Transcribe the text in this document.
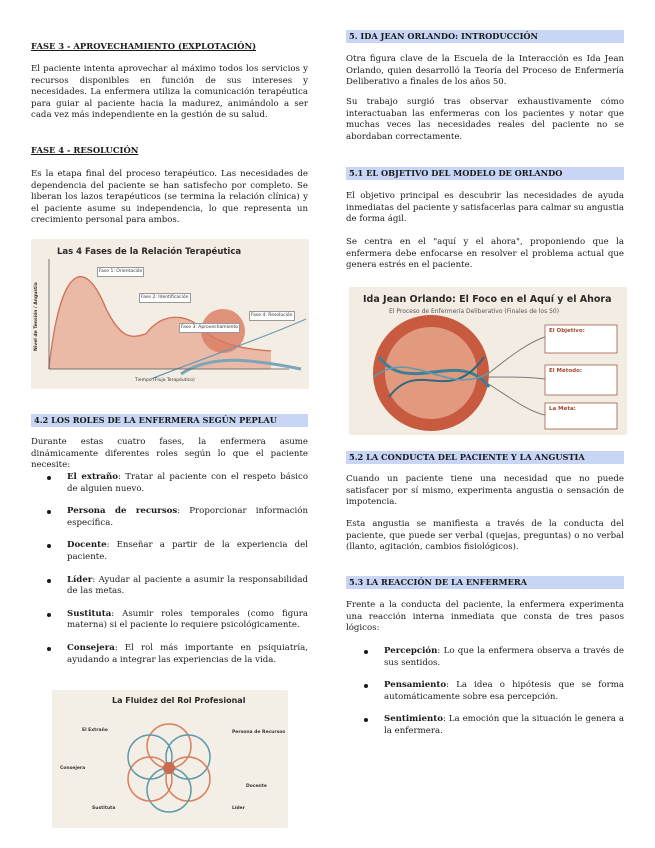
FASE 3 - APROVECHAMIENTO (EXPLOTACIÓN)

El paciente intenta aprovechar al máximo todos los servicios y recursos disponibles en función de sus intereses y necesidades. La enfermera utiliza la comunicación terapéutica para guiar al paciente hacia la madurez, animándolo a ser cada vez más independiente en la gestión de su salud.

FASE 4 - RESOLUCIÓN

Es la etapa final del proceso terapéutico. Las necesidades de dependencia del paciente se han satisfecho por completo. Se liberan los lazos terapéuticos (se termina la relación clínica) y el paciente asume su independencia, lo que representa un crecimiento personal para ambos.

Las 4 Fases de la Relación Terapéutica
Nivel de Tensión / Angustia
Tiempo (Flujo Terapéutico)
Fase 1: Orientación
Fase 2: Identificación
Fase 3: Aprovechamiento
Fase 4: Resolución
4.2 LOS ROLES DE LA ENFERMERA SEGÚN PEPLAU

Durante estas cuatro fases, la enfermera asume dinámicamente diferentes roles según lo que el paciente necesite:

El extraño: Tratar al paciente con el respeto básico de alguien nuevo.
Persona de recursos: Proporcionar información específica.
Docente: Enseñar a partir de la experiencia del paciente.
Líder: Ayudar al paciente a asumir la responsabilidad de las metas.
Sustituta: Asumir roles temporales (como figura materna) si el paciente lo requiere psicológicamente.
Consejera: El rol más importante en psiquiatría, ayudando a integrar las experiencias de la vida.
La Fluidez del Rol Profesional
El Extraño	Persona de Recursos
Consejera
Docente
Sustituta	Líder
5. IDA JEAN ORLANDO: INTRODUCCIÓN

Otra figura clave de la Escuela de la Interacción es Ida Jean Orlando, quien desarrolló la Teoría del Proceso de Enfermería Deliberativo a finales de los años 50.

Su trabajo surgió tras observar exhaustivamente cómo interactuaban las enfermeras con los pacientes y notar que muchas veces las necesidades reales del paciente no se abordaban correctamente.

5.1 EL OBJETIVO DEL MODELO DE ORLANDO

El objetivo principal es descubrir las necesidades de ayuda inmediatas del paciente y satisfacerlas para calmar su angustia de forma ágil.

Se centra en el "aquí y el ahora", proponiendo que la enfermera debe enfocarse en resolver el problema actual que genera estrés en el paciente.

Ida Jean Orlando: El Foco en el Aquí y el Ahora
El Proceso de Enfermería Deliberativo (Finales de los 50)
El Objetivo:
El Método:
La Meta:
5.2 LA CONDUCTA DEL PACIENTE Y LA ANGUSTIA

Cuando un paciente tiene una necesidad que no puede satisfacer por sí mismo, experimenta angustia o sensación de impotencia.

Esta angustia se manifiesta a través de la conducta del paciente, que puede ser verbal (quejas, preguntas) o no verbal (llanto, agitación, cambios fisiológicos).

5.3 LA REACCIÓN DE LA ENFERMERA

Frente a la conducta del paciente, la enfermera experimenta una reacción interna inmediata que consta de tres pasos lógicos:

Percepción: Lo que la enfermera observa a través de sus sentidos.
Pensamiento: La idea o hipótesis que se forma automáticamente sobre esa percepción.
Sentimiento: La emoción que la situación le genera a la enfermera.
